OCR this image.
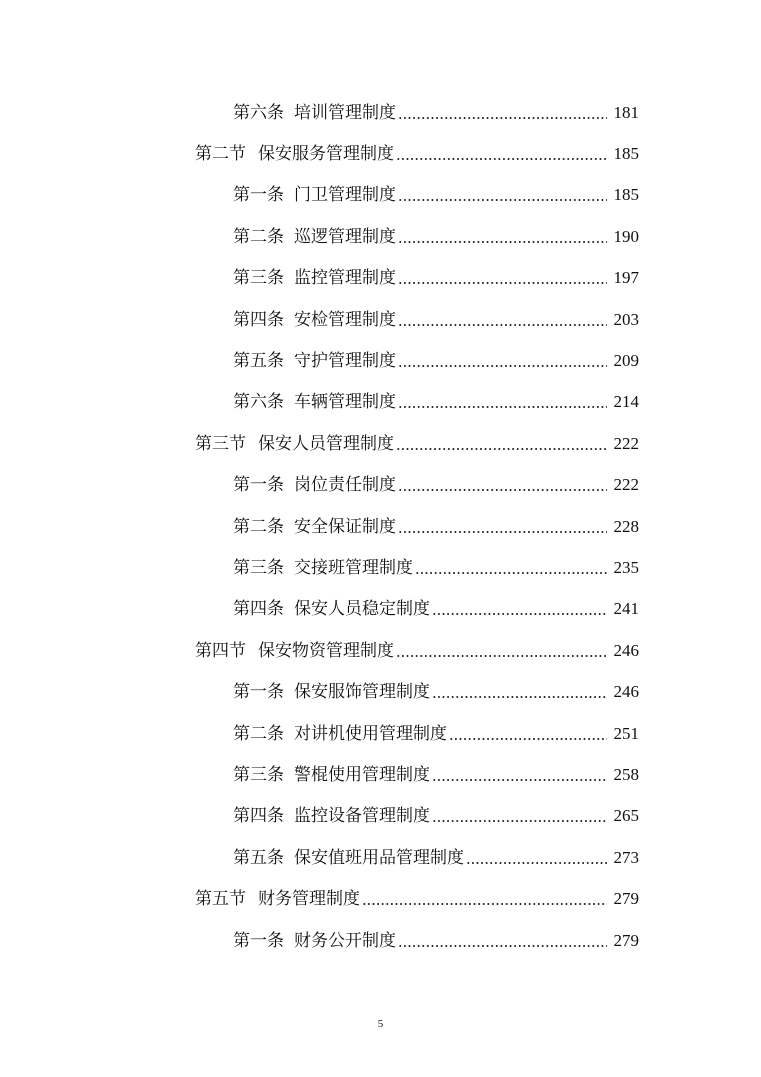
第六条 培训管理制度	181
第二节 保安服务管理制度	185
第一条 门卫管理制度	185
第二条 巡逻管理制度	190
第三条 监控管理制度	197
第四条 安检管理制度	203
第五条 守护管理制度	209
第六条 车辆管理制度	214
第三节 保安人员管理制度	222
第一条 岗位责任制度	222
第二条 安全保证制度	228
第三条 交接班管理制度	235
第四条 保安人员稳定制度	241
第四节 保安物资管理制度	246
第一条 保安服饰管理制度	246
第二条 对讲机使用管理制度	251
第三条 警棍使用管理制度	258
第四条 监控设备管理制度	265
第五条 保安值班用品管理制度	273
第五节 财务管理制度	279
第一条 财务公开制度	279
5
